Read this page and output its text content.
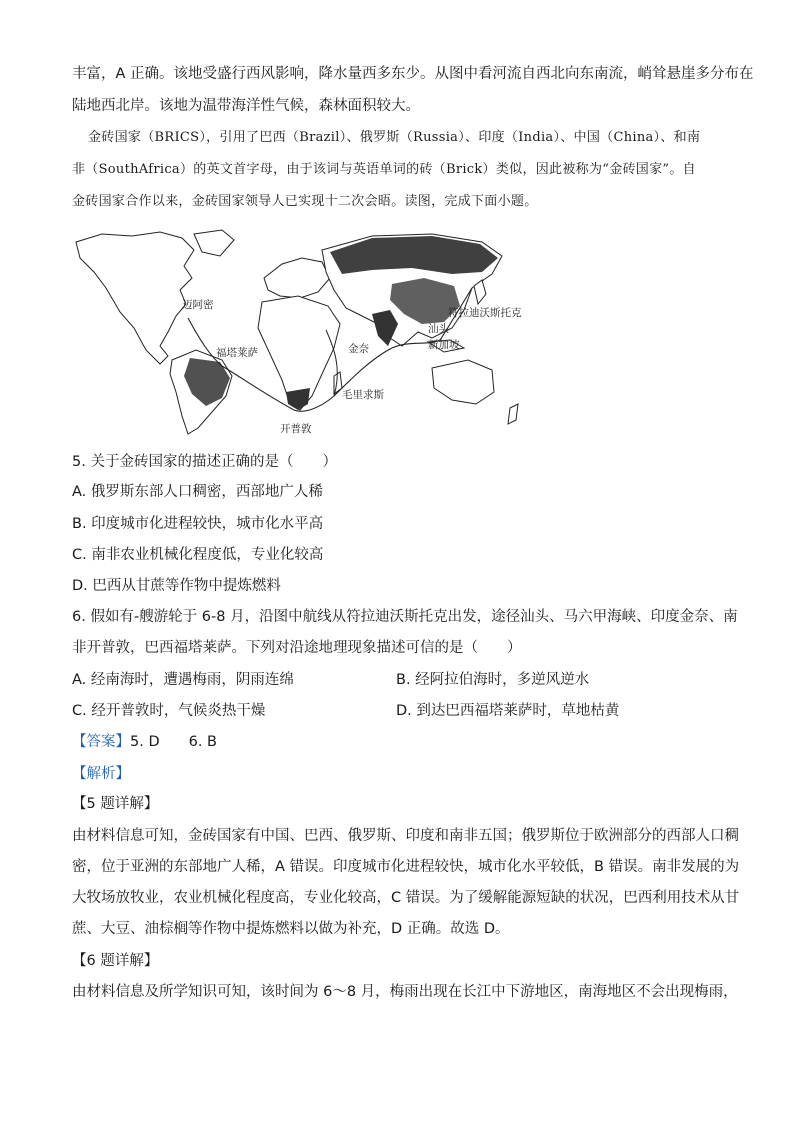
丰富，A 正确。该地受盛行西风影响，降水量西多东少。从图中看河流自西北向东南流，峭耸悬崖多分布在
陆地西北岸。该地为温带海洋性气候，森林面积较大。
金砖国家（BRICS），引用了巴西（Brazil）、俄罗斯（Russia）、印度（India）、中国（China）、和南
非（SouthAfrica）的英文首字母，由于该词与英语单词的砖（Brick）类似，因此被称为“金砖国家”。自
金砖国家合作以来，金砖国家领导人已实现十二次会晤。读图，完成下面小题。
符拉迪沃斯托克
迈阿密
汕头
福塔莱萨	金奈	新加坡
毛里求斯
开普敦
5. 关于金砖国家的描述正确的是（　　）
A. 俄罗斯东部人口稠密，西部地广人稀
B. 印度城市化进程较快，城市化水平高
C. 南非农业机械化程度低，专业化较高
D. 巴西从甘蔗等作物中提炼燃料
6. 假如有-艘游轮于 6-8 月，沿图中航线从符拉迪沃斯托克出发，途径汕头、马六甲海峡、印度金奈、南
非开普敦，巴西福塔莱萨。下列对沿途地理现象描述可信的是（　　）
A. 经南海时，遭遇梅雨，阴雨连绵	B. 经阿拉伯海时，多逆风逆水
C. 经开普敦时，气候炎热干燥	D. 到达巴西福塔莱萨时，草地枯黄
【答案】5. D　　6. B
【解析】
【5 题详解】
由材料信息可知，金砖国家有中国、巴西、俄罗斯、印度和南非五国；俄罗斯位于欧洲部分的西部人口稠
密，位于亚洲的东部地广人稀，A 错误。印度城市化进程较快，城市化水平较低，B 错误。南非发展的为
大牧场放牧业，农业机械化程度高，专业化较高，C 错误。为了缓解能源短缺的状况，巴西利用技术从甘
蔗、大豆、油棕榈等作物中提炼燃料以做为补充，D 正确。故选 D。
【6 题详解】
由材料信息及所学知识可知，该时间为 6～8 月，梅雨出现在长江中下游地区，南海地区不会出现梅雨，
